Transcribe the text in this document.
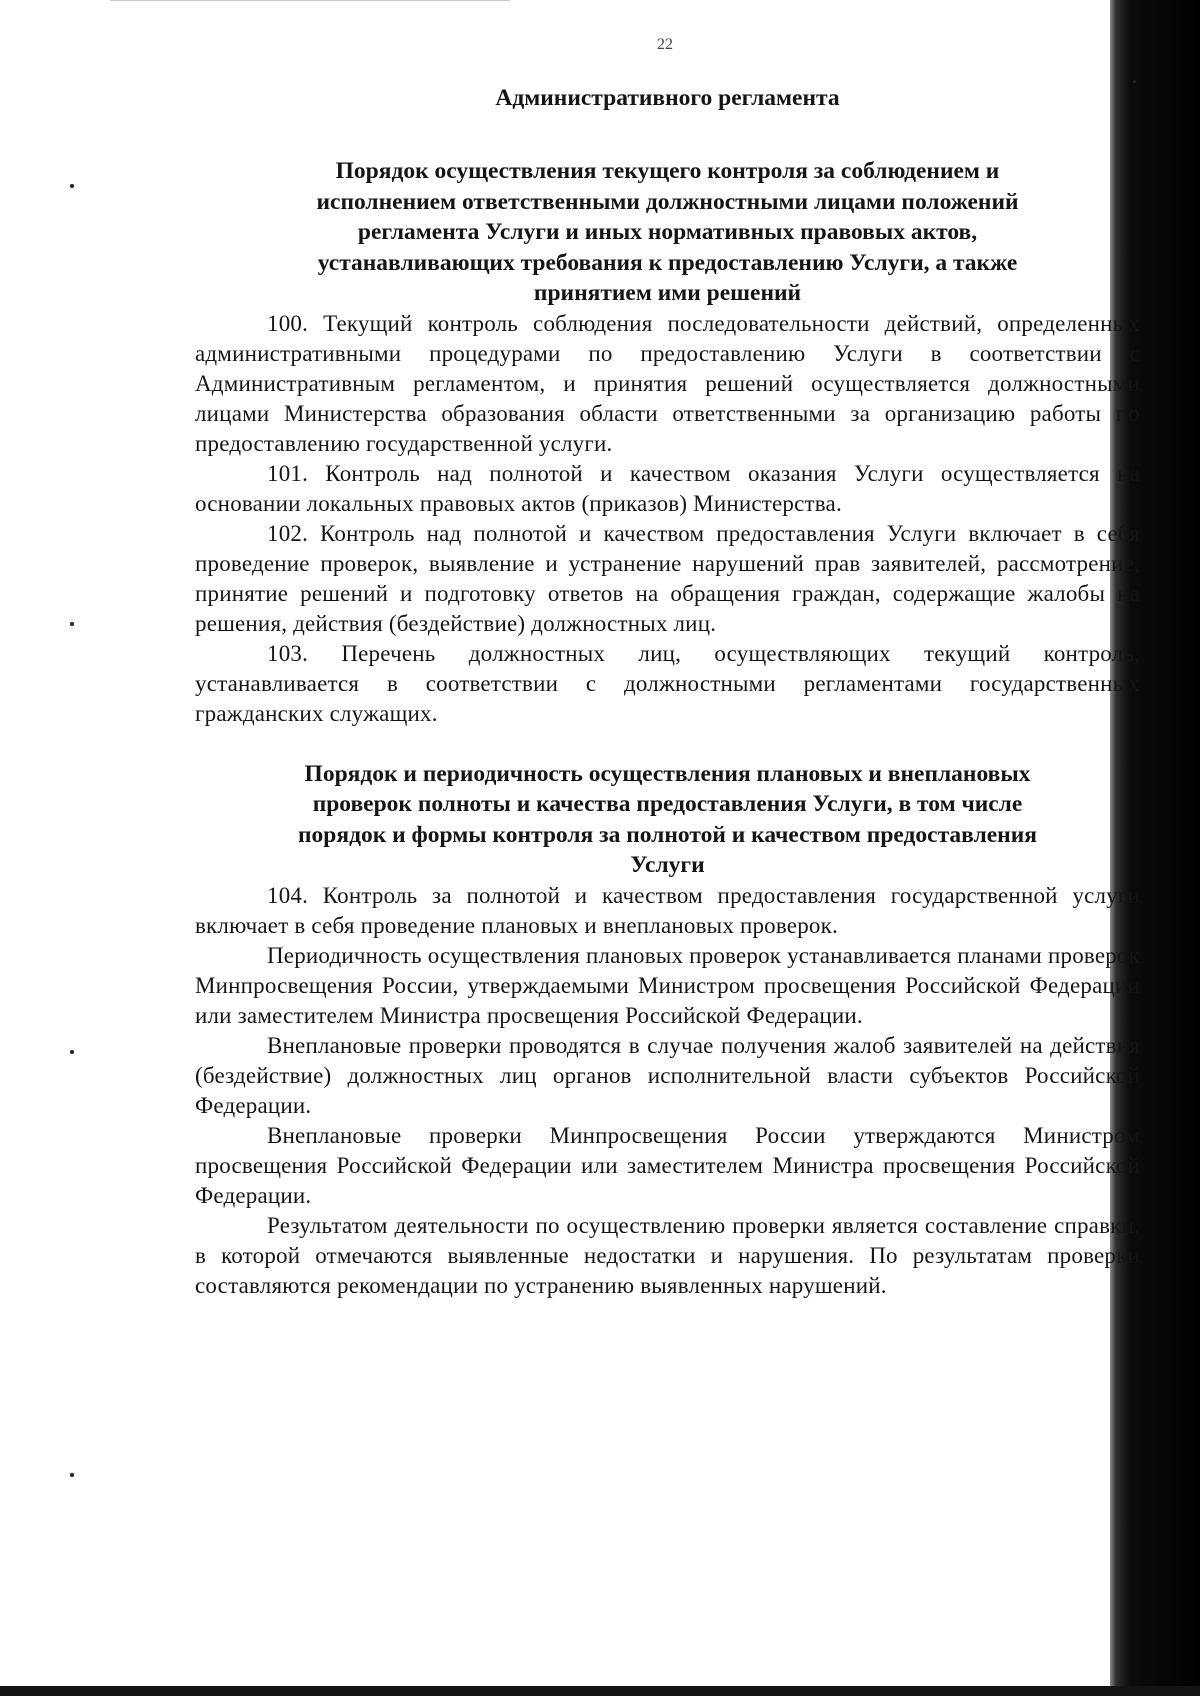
22
Административного регламента

Порядок осуществления текущего контроля за соблюдением и
исполнением ответственными должностными лицами положений
регламента Услуги и иных нормативных правовых актов,
устанавливающих требования к предоставлению Услуги, а также
принятием ими решений

100. Текущий контроль соблюдения последовательности действий, определенных административными процедурами по предоставлению Услуги в соответствии с Административным регламентом, и принятия решений осуществляется должностными лицами Министерства образования области ответственными за организацию работы по предоставлению государственной услуги.

101. Контроль над полнотой и качеством оказания Услуги осуществляется на основании локальных правовых актов (приказов) Министерства.

102. Контроль над полнотой и качеством предоставления Услуги включает в себя проведение проверок, выявление и устранение нарушений прав заявителей, рассмотрение, принятие решений и подготовку ответов на обращения граждан, содержащие жалобы на решения, действия (бездействие) должностных лиц.

103. Перечень должностных лиц, осуществляющих текущий контроль, устанавливается в соответствии с должностными регламентами государственных гражданских служащих.

Порядок и периодичность осуществления плановых и внеплановых
проверок полноты и качества предоставления Услуги, в том числе
порядок и формы контроля за полнотой и качеством предоставления
Услуги

104. Контроль за полнотой и качеством предоставления государственной услуги включает в себя проведение плановых и внеплановых проверок.

Периодичность осуществления плановых проверок устанавливается планами проверок Минпросвещения России, утверждаемыми Министром просвещения Российской Федерации или заместителем Министра просвещения Российской Федерации.

Внеплановые проверки проводятся в случае получения жалоб заявителей на действия (бездействие) должностных лиц органов исполнительной власти субъектов Российской Федерации.

Внеплановые проверки Минпросвещения России утверждаются Министром просвещения Российской Федерации или заместителем Министра просвещения Российской Федерации.

Результатом деятельности по осуществлению проверки является составление справки, в которой отмечаются выявленные недостатки и нарушения. По результатам проверки составляются рекомендации по устранению выявленных нарушений.
